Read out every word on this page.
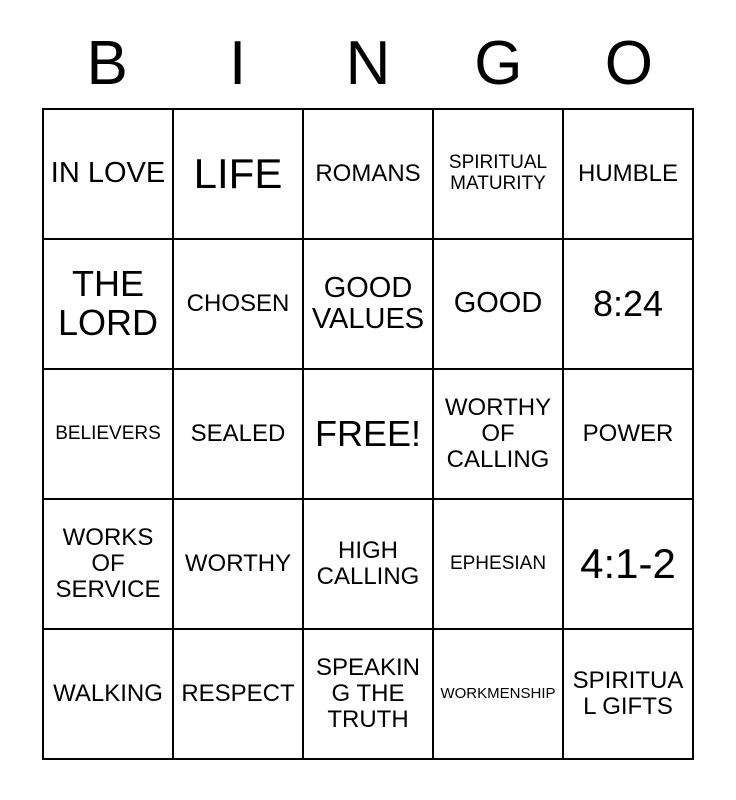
B	I	N	G	O
IN LOVE	LIFE	ROMANS	SPIRITUAL MATURITY	HUMBLE
THE LORD	CHOSEN	GOOD VALUES	GOOD	8:24
BELIEVERS	SEALED	FREE!	WORTHY OF CALLING	POWER
WORKS OF SERVICE	WORTHY	HIGH CALLING	EPHESIAN	4:1-2
WALKING	RESPECT	SPEAKING THE TRUTH	WORKMENSHIP	SPIRITUAL GIFTS
